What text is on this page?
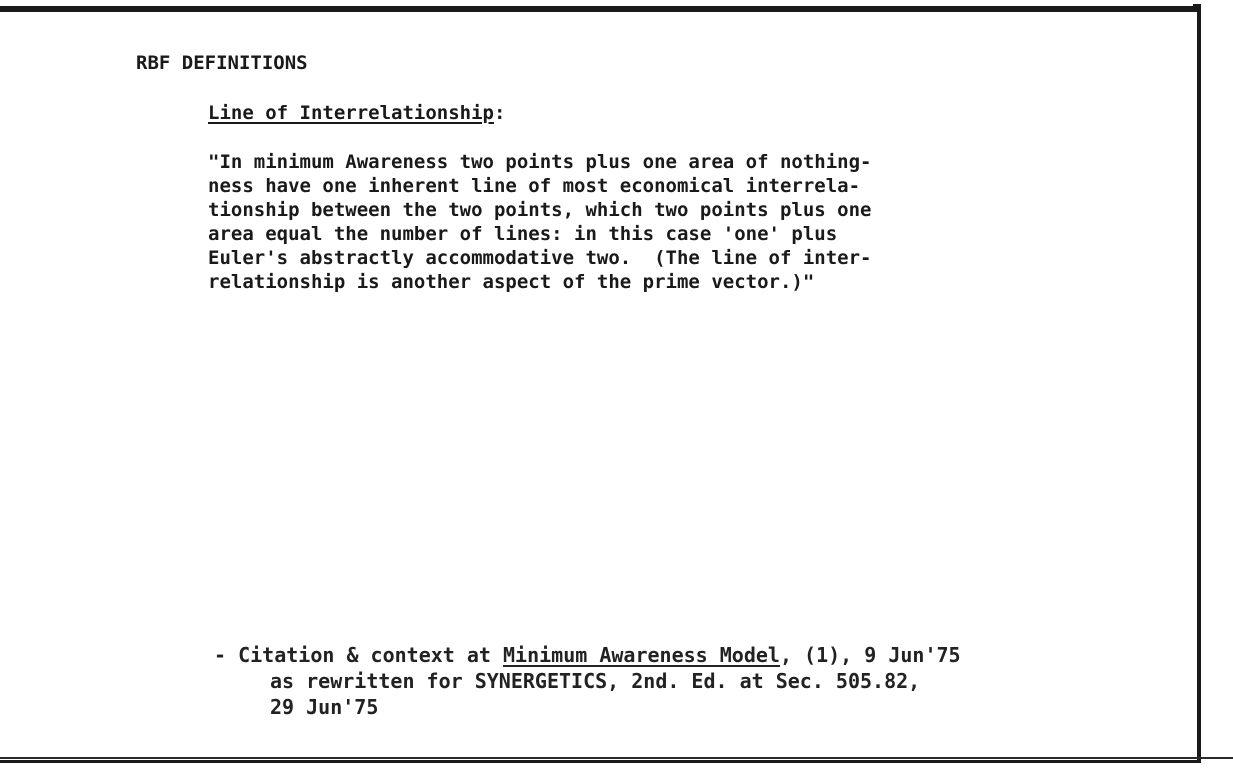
RBF DEFINITIONS
Line of Interrelationship:
"In minimum Awareness two points plus one area of nothing-
ness have one inherent line of most economical interrela-
tionship between the two points, which two points plus one
area equal the number of lines: in this case 'one' plus
Euler's abstractly accommodative two.  (The line of inter-
relationship is another aspect of the prime vector.)"
- Citation & context at Minimum Awareness Model, (1), 9 Jun'75
as rewritten for SYNERGETICS, 2nd. Ed. at Sec. 505.82,
29 Jun'75
